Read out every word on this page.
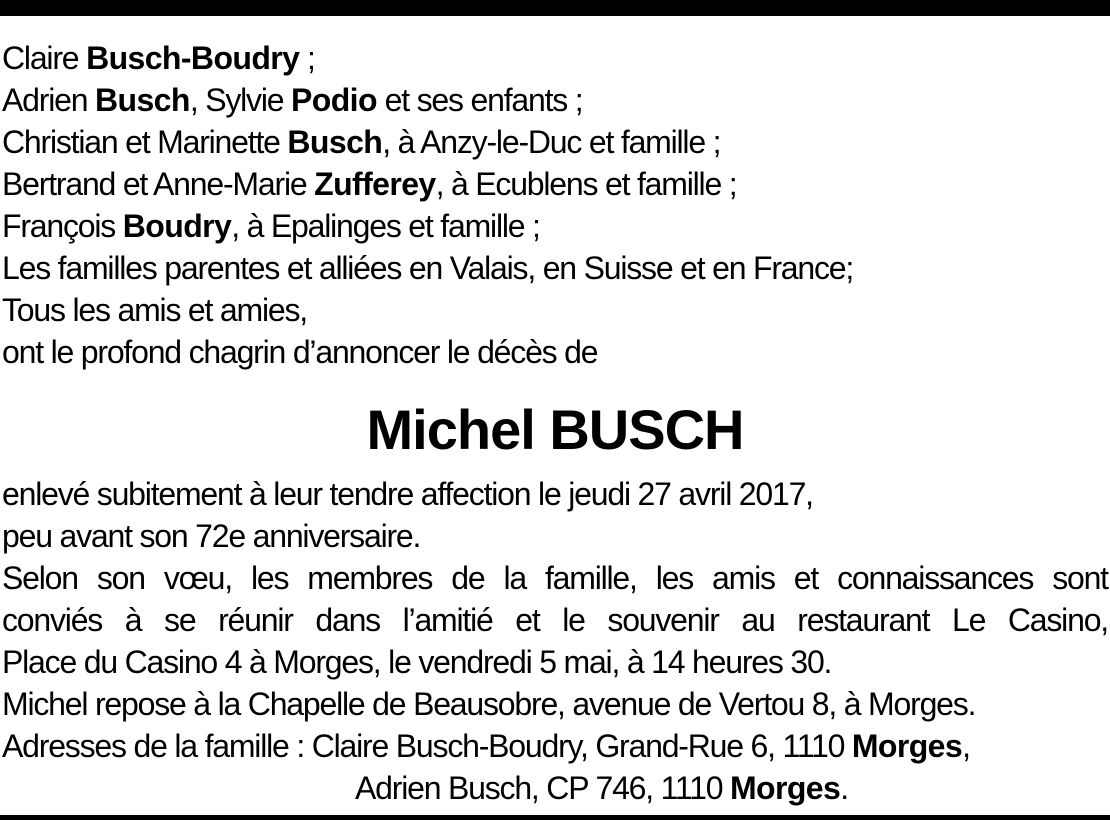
Claire Busch-Boudry ;
Adrien Busch, Sylvie Podio et ses enfants ;
Christian et Marinette Busch, à Anzy-le-Duc et famille ;
Bertrand et Anne-Marie Zufferey, à Ecublens et famille ;
François Boudry, à Epalinges et famille ;
Les familles parentes et alliées en Valais, en Suisse et en France;
Tous les amis et amies,
ont le profond chagrin d’annoncer le décès de
Michel BUSCH
enlevé subitement à leur tendre affection le jeudi 27 avril 2017,
peu avant son 72e anniversaire.
Selon son vœu, les membres de la famille, les amis et connaissances sont
conviés à se réunir dans l’amitié et le souvenir au restaurant Le Casino,
Place du Casino 4 à Morges, le vendredi 5 mai, à 14 heures 30.
Michel repose à la Chapelle de Beausobre, avenue de Vertou 8, à Morges.
Adresses de la famille : Claire Busch-Boudry, Grand-Rue 6, 1110 Morges,
Adrien Busch, CP 746, 1110 Morges.
